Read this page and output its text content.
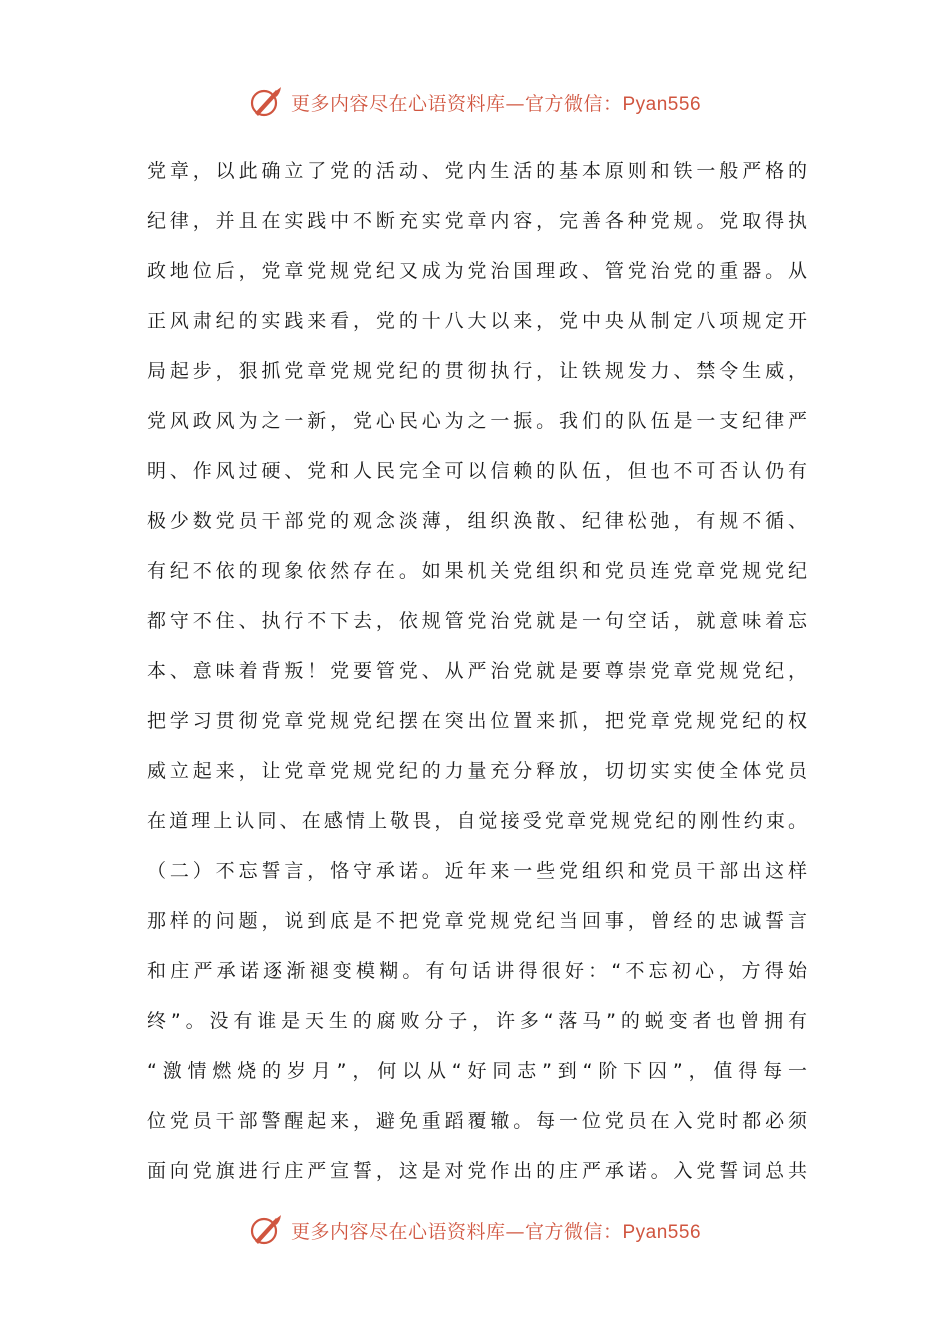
更多内容尽在心语资料库—官方微信：Pyan556
党章，以此确立了党的活动、党内生活的基本原则和铁一般严格的
纪律，并且在实践中不断充实党章内容，完善各种党规。党取得执
政地位后，党章党规党纪又成为党治国理政、管党治党的重器。从
正风肃纪的实践来看，党的十八大以来，党中央从制定八项规定开
局起步，狠抓党章党规党纪的贯彻执行，让铁规发力、禁令生威，
党风政风为之一新，党心民心为之一振。我们的队伍是一支纪律严
明、作风过硬、党和人民完全可以信赖的队伍，但也不可否认仍有
极少数党员干部党的观念淡薄，组织涣散、纪律松弛，有规不循、
有纪不依的现象依然存在。如果机关党组织和党员连党章党规党纪
都守不住、执行不下去，依规管党治党就是一句空话，就意味着忘
本、意味着背叛！党要管党、从严治党就是要尊崇党章党规党纪，
把学习贯彻党章党规党纪摆在突出位置来抓，把党章党规党纪的权
威立起来，让党章党规党纪的力量充分释放，切切实实使全体党员
在道理上认同、在感情上敬畏，自觉接受党章党规党纪的刚性约束。
（二）不忘誓言，恪守承诺。近年来一些党组织和党员干部出这样
那样的问题，说到底是不把党章党规党纪当回事，曾经的忠诚誓言
和庄严承诺逐渐褪变模糊。有句话讲得很好：“不忘初心，方得始
终”。没有谁是天生的腐败分子，许多“落马”的蜕变者也曾拥有
“激情燃烧的岁月”，何以从“好同志”到“阶下囚”，值得每一
位党员干部警醒起来，避免重蹈覆辙。每一位党员在入党时都必须
面向党旗进行庄严宣誓，这是对党作出的庄严承诺。入党誓词总共
更多内容尽在心语资料库—官方微信：Pyan556
